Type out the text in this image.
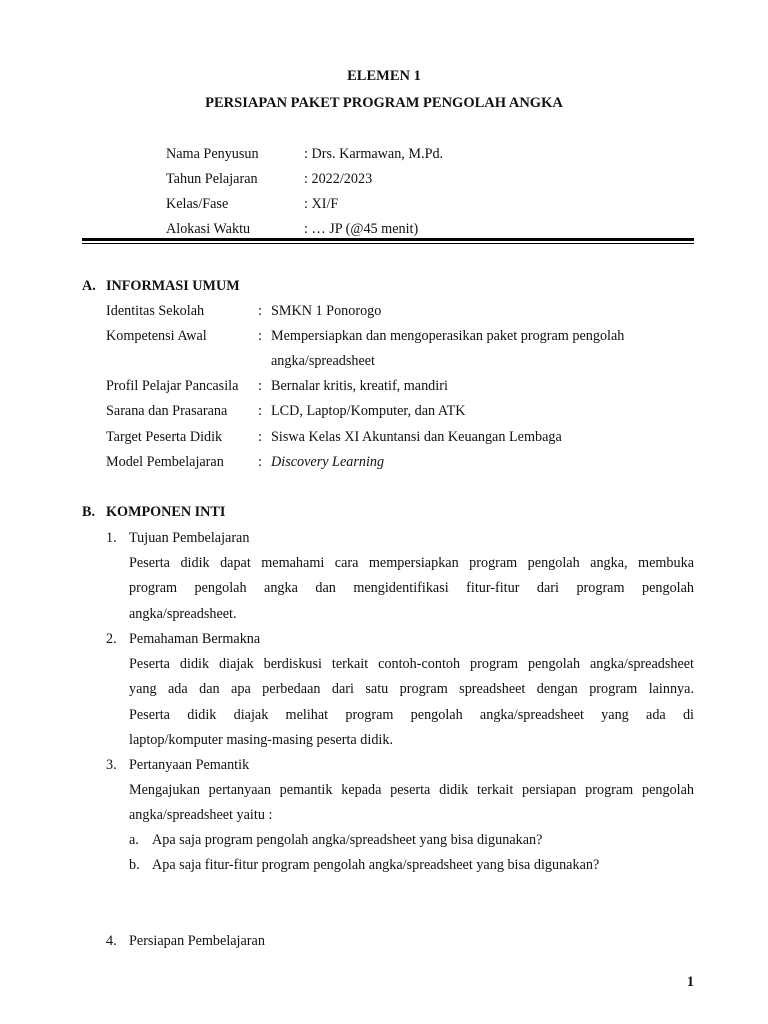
ELEMEN 1
PERSIAPAN PAKET PROGRAM PENGOLAH ANGKA
Nama Penyusun	: Drs. Karmawan, M.Pd.
Tahun Pelajaran	: 2022/2023
Kelas/Fase	: XI/F
Alokasi Waktu	: … JP (@45 menit)
A. INFORMASI UMUM
Identitas Sekolah	: SMKN 1 Ponorogo
Kompetensi Awal	: Mempersiapkan dan mengoperasikan paket program pengolah
angka/spreadsheet
Profil Pelajar Pancasila : Bernalar kritis, kreatif, mandiri
Sarana dan Prasarana : LCD, Laptop/Komputer, dan ATK
Target Peserta Didik	: Siswa Kelas XI Akuntansi dan Keuangan Lembaga
Model Pembelajaran : Discovery Learning
B. KOMPONEN INTI
1. Tujuan Pembelajaran
Peserta didik dapat memahami cara mempersiapkan program pengolah angka, membuka
program pengolah angka dan mengidentifikasi fitur-fitur dari program pengolah
angka/spreadsheet.
2. Pemahaman Bermakna
Peserta didik diajak berdiskusi terkait contoh-contoh program pengolah angka/spreadsheet
yang ada dan apa perbedaan dari satu program spreadsheet dengan program lainnya.
Peserta didik diajak melihat program pengolah angka/spreadsheet yang ada di
laptop/komputer masing-masing peserta didik.
3. Pertanyaan Pemantik
Mengajukan pertanyaan pemantik kepada peserta didik terkait persiapan program pengolah
angka/spreadsheet yaitu :
a. Apa saja program pengolah angka/spreadsheet yang bisa digunakan?
b. Apa saja fitur-fitur program pengolah angka/spreadsheet yang bisa digunakan?
4. Persiapan Pembelajaran
1
